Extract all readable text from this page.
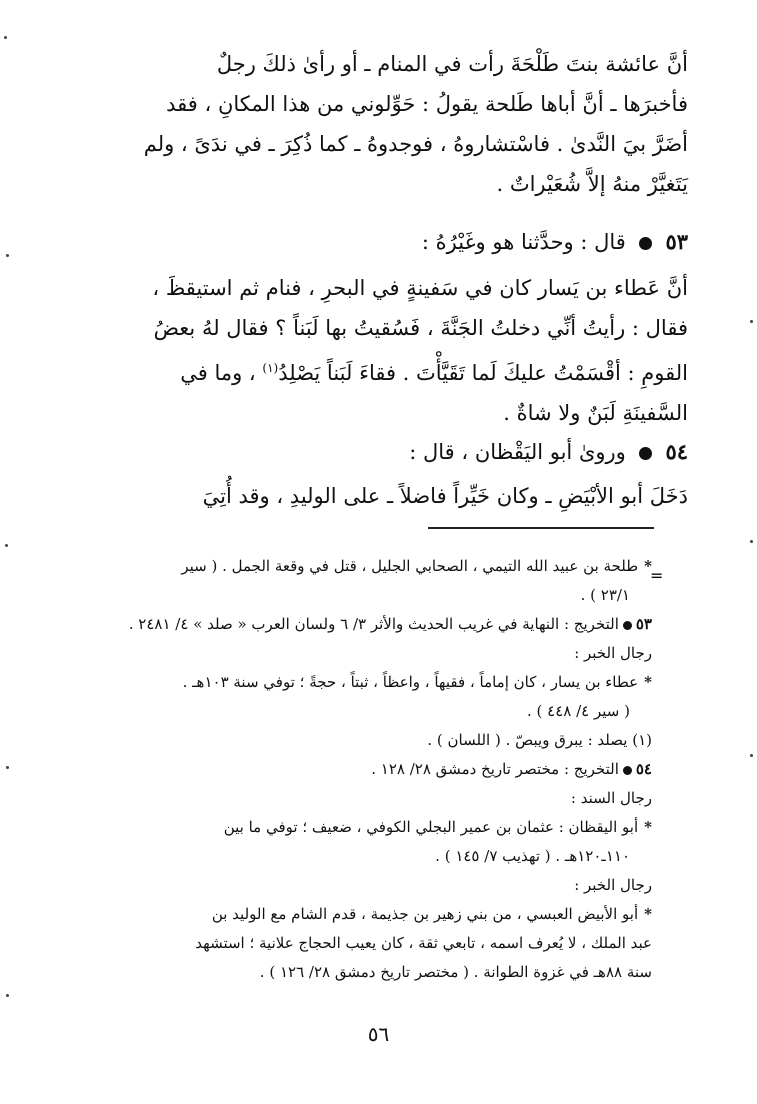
أنَّ عائشة بنتَ طَلْحَةَ رأت في المنام ـ أو رأىٰ ذلكَ رجلٌ

فأخبرَها ـ أنَّ أباها طَلحة يقولُ : حَوِّلوني من هذا المكانِ ، فقد

أضَرَّ بيَ النَّدىٰ . فاسْتشاروهُ ، فوجدوهُ ـ كما ذُكِرَ ـ في ندَىً ، ولم

يَتَغيَّرْ منهُ إلاَّ شُعَيْراتٌ .

٥٣  قال : وحدَّثنا هو وغَيْرُهُ :

أنَّ عَطاء بن يَسار كان في سَفينةٍ في البحرِ ، فنام ثم استيقظَ ،

فقال : رأيتُ أنِّي دخلتُ الجَنَّةَ ، فَسُقيتُ بها لَبَناً ؟ فقال لهُ بعضُ

القومِ : أقْسَمْتُ عليكَ لَما تَقَيَّأْتَ . فقاءَ لَبَناً يَصْلِدُ$^{(١)}$ ، وما في

السَّفينَةِ لَبَنٌ ولا شاةٌ .

٥٤  وروىٰ أبو اليَقْظان ، قال :

دَخَلَ أبو الأبْيَضِ ـ وكان خَيِّراً فاضلاً ـ على الوليدِ ، وقد أُتِيَ

=

*طلحة بن عبيد الله التيمي ، الصحابي الجليل ، قتل في وقعة الجمل . ( سير

٢٣/١ ) .

٥٣التخريج : النهاية في غريب الحديث والأثر ٣/ ٦ ولسان العرب « صلد » ٤/ ٢٤٨١ .

رجال الخبر :

*عطاء بن يسار ، كان إماماً ، فقيهاً ، واعظاً ، ثبتاً ، حجةً ؛ توفي سنة ١٠٣هـ .

( سير ٤/ ٤٤٨ ) .

(١) يصلد : يبرق ويبصّ . ( اللسان ) .

٥٤التخريج : مختصر تاريخ دمشق ٢٨/ ١٢٨ .

رجال السند :

*أبو اليقظان : عثمان بن عمير البجلي الكوفي ، ضعيف ؛ توفي ما بين

١١٠ـ١٢٠هـ . ( تهذيب ٧/ ١٤٥ ) .

رجال الخبر :

*أبو الأبيض العبسي ، من بني زهير بن جذيمة ، قدم الشام مع الوليد بن

عبد الملك ، لا يُعرف اسمه ، تابعي ثقة ، كان يعيب الحجاج علانية ؛ استشهد

سنة ٨٨هـ في غزوة الطوانة . ( مختصر تاريخ دمشق ٢٨/ ١٢٦ ) .

٥٦
